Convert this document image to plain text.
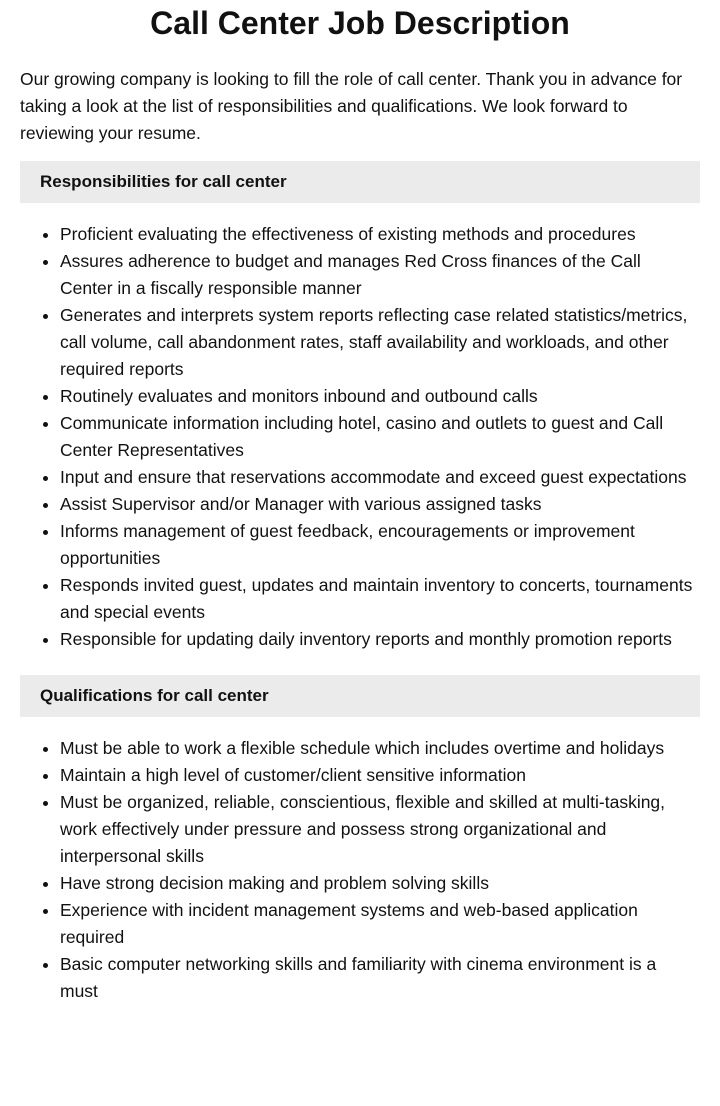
Call Center Job Description

Our growing company is looking to fill the role of call center. Thank you in advance for taking a look at the list of responsibilities and qualifications. We look forward to reviewing your resume.

Responsibilities for call center
• Proficient evaluating the effectiveness of existing methods and procedures
• Assures adherence to budget and manages Red Cross finances of the Call Center in a fiscally responsible manner
• Generates and interprets system reports reflecting case related statistics/metrics, call volume, call abandonment rates, staff availability and workloads, and other required reports
• Routinely evaluates and monitors inbound and outbound calls
• Communicate information including hotel, casino and outlets to guest and Call Center Representatives
• Input and ensure that reservations accommodate and exceed guest expectations
• Assist Supervisor and/or Manager with various assigned tasks
• Informs management of guest feedback, encouragements or improvement opportunities
• Responds invited guest, updates and maintain inventory to concerts, tournaments and special events
• Responsible for updating daily inventory reports and monthly promotion reports
Qualifications for call center
• Must be able to work a flexible schedule which includes overtime and holidays
• Maintain a high level of customer/client sensitive information
• Must be organized, reliable, conscientious, flexible and skilled at multi-tasking, work effectively under pressure and possess strong organizational and interpersonal skills
• Have strong decision making and problem solving skills
• Experience with incident management systems and web-based application required
• Basic computer networking skills and familiarity with cinema environment is a must
